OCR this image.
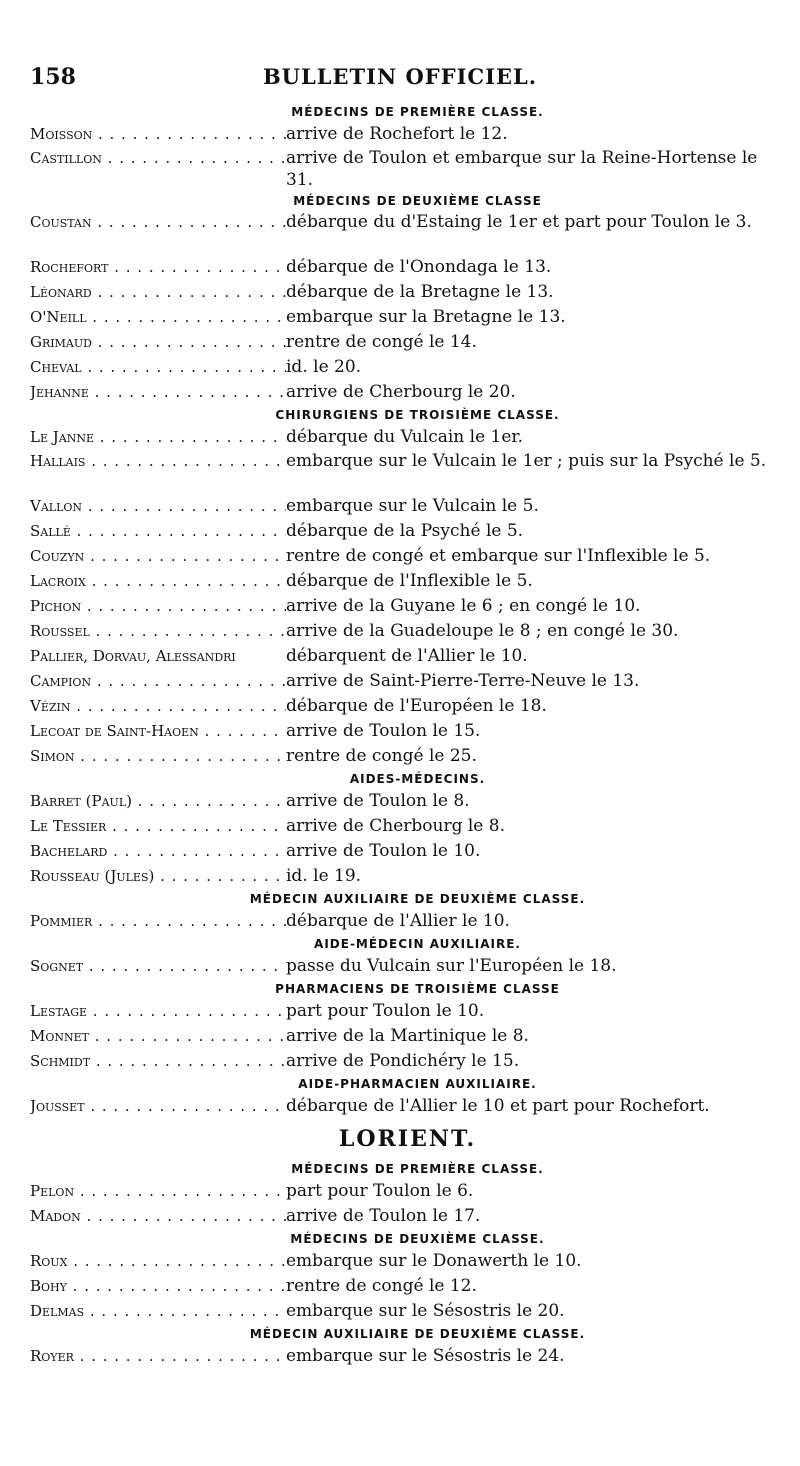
158	BULLETIN OFFICIEL.
MÉDECINS DE PREMIÈRE CLASSE.
Moisson . . .	arrive de Rochefort le 12.
Castillon . . .	arrive de Toulon et embarque sur la Reine-Hortense le 31.
MÉDECINS DE DEUXIÈME CLASSE
Coustan . . .	débarque du d'Estaing le 1er et part pour Toulon le 3.
Rochefort . . .	débarque de l'Onondaga le 13.
Léonard . . .	débarque de la Bretagne le 13.
O'Neill . . .	embarque sur la Bretagne le 13.
Grimaud . . .	rentre de congé le 14.
Cheval . . .	id. le 20.
Jehanne . . .	arrive de Cherbourg le 20.
CHIRURGIENS DE TROISIÈME CLASSE.
Le Janne . . .	débarque du Vulcain le 1er.
Hallais . . .	embarque sur le Vulcain le 1er ; puis sur la Psyché le 5.
Vallon . . .	embarque sur le Vulcain le 5.
Sallé . . .	débarque de la Psyché le 5.
Couzyn . . .	rentre de congé et embarque sur l'Inflexible le 5.
Lacroix . . .	débarque de l'Inflexible le 5.
Pichon . . .	arrive de la Guyane le 6 ; en congé le 10.
Roussel . . .	arrive de la Guadeloupe le 8 ; en congé le 30.
Pallier, Dorvau, Alessandri	débarquent de l'Allier le 10.
Campion . . .	arrive de Saint-Pierre-Terre-Neuve le 13.
Vézin . . .	débarque de l'Européen le 18.
Lecoat de Saint-Haoen . . .	arrive de Toulon le 15.
Simon . . .	rentre de congé le 25.
AIDES-MÉDECINS.
Barret (Paul) . . .	arrive de Toulon le 8.
Le Tessier . . .	arrive de Cherbourg le 8.
Bachelard . . .	arrive de Toulon le 10.
Rousseau (Jules) . . .	id. le 19.
MÉDECIN AUXILIAIRE DE DEUXIÈME CLASSE.
Pommier . . .	débarque de l'Allier le 10.
AIDE-MÉDECIN AUXILIAIRE.
Sognet . . .	passe du Vulcain sur l'Européen le 18.
PHARMACIENS DE TROISIÈME CLASSE
Lestage . . .	part pour Toulon le 10.
Monnet . . .	arrive de la Martinique le 8.
Schmidt . . .	arrive de Pondichéry le 15.
AIDE-PHARMACIEN AUXILIAIRE.
Jousset . . .	débarque de l'Allier le 10 et part pour Rochefort.
LORIENT.
MÉDECINS DE PREMIÈRE CLASSE.
Pelon . . .	part pour Toulon le 6.
Madon . . .	arrive de Toulon le 17.
MÉDECINS DE DEUXIÈME CLASSE.
Roux . . .	embarque sur le Donawerth le 10.
Bohy . . .	rentre de congé le 12.
Delmas . . .	embarque sur le Sésostris le 20.
MÉDECIN AUXILIAIRE DE DEUXIÈME CLASSE.
Royer . . .	embarque sur le Sésostris le 24.
